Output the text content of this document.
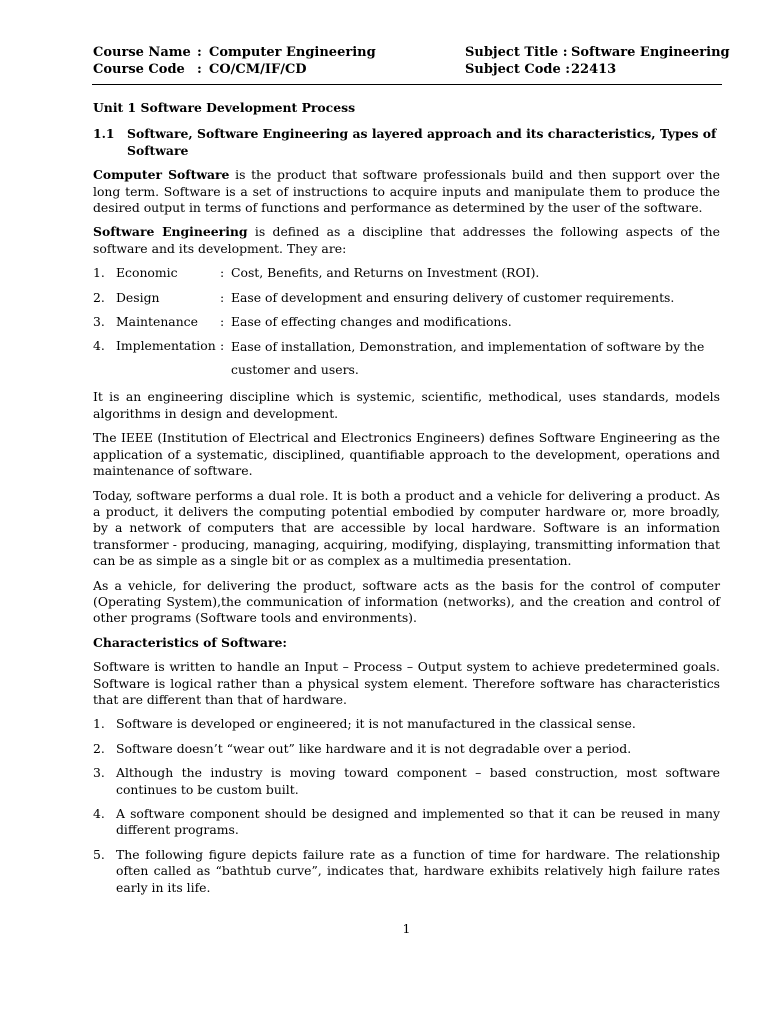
Course Name : Computer Engineering	Subject Title : Software Engineering
Course Code : CO/CM/IF/CD	Subject Code : 22413
Unit 1 Software Development Process
1.1	Software, Software Engineering as layered approach and its characteristics, Types of Software

Computer Software is the product that software professionals build and then support over the long term. Software is a set of instructions to acquire inputs and manipulate them to produce the desired output in terms of functions and performance as determined by the user of the software.

Software Engineering is defined as a discipline that addresses the following aspects of the software and its development. They are:

1. Economic	: Cost, Benefits, and Returns on Investment (ROI).
2. Design	: Ease of development and ensuring delivery of customer requirements.
3. Maintenance	: Ease of effecting changes and modifications.
4. Implementation : Ease of installation, Demonstration, and implementation of software by the customer and users.

It is an engineering discipline which is systemic, scientific, methodical, uses standards, models algorithms in design and development.

The IEEE (Institution of Electrical and Electronics Engineers) defines Software Engineering as the application of a systematic, disciplined, quantifiable approach to the development, operations and maintenance of software.

Today, software performs a dual role. It is both a product and a vehicle for delivering a product. As a product, it delivers the computing potential embodied by computer hardware or, more broadly, by a network of computers that are accessible by local hardware. Software is an information transformer - producing, managing, acquiring, modifying, displaying, transmitting information that can be as simple as a single bit or as complex as a multimedia presentation.

As a vehicle, for delivering the product, software acts as the basis for the control of computer (Operating System),the communication of information (networks), and the creation and control of other programs (Software tools and environments).

Characteristics of Software:

Software is written to handle an Input – Process – Output system to achieve predetermined goals. Software is logical rather than a physical system element. Therefore software has characteristics that are different than that of hardware.

1. Software is developed or engineered; it is not manufactured in the classical sense.
2. Software doesn’t “wear out” like hardware and it is not degradable over a period.
3. Although the industry is moving toward component – based construction, most software continues to be custom built.
4. A software component should be designed and implemented so that it can be reused in many different programs.
5. The following figure depicts failure rate as a function of time for hardware. The relationship often called as “bathtub curve”, indicates that, hardware exhibits relatively high failure rates early in its life.
1
